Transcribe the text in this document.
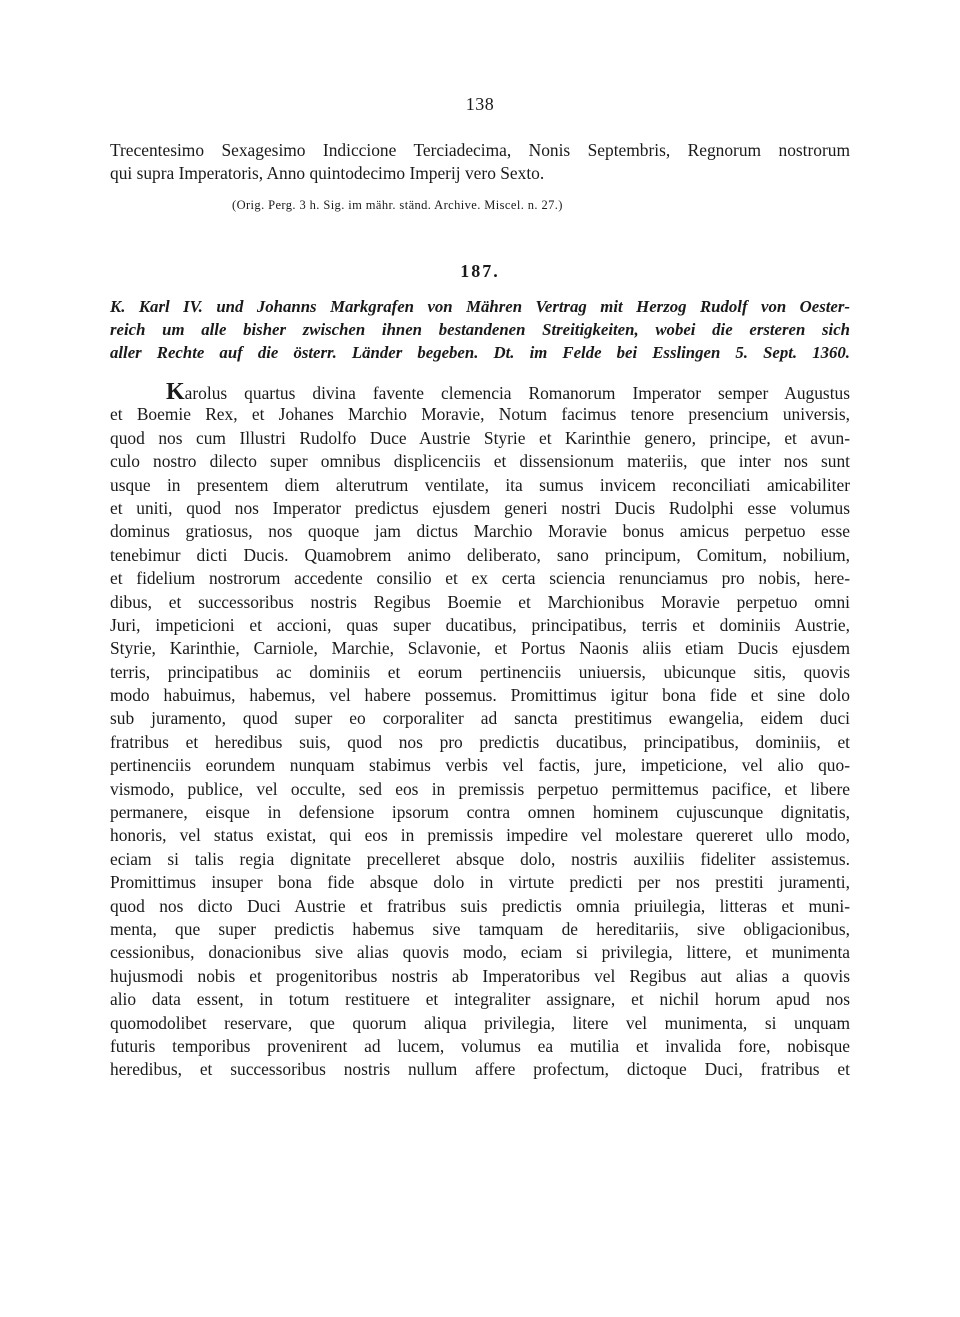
138
Trecentesimo Sexagesimo Indiccione Terciadecima, Nonis Septembris, Regnorum nostrorum
qui supra Imperatoris, Anno quintodecimo Imperij vero Sexto.
(Orig. Perg. 3 h. Sig. im mähr. ständ. Archive. Miscel. n. 27.)
187.
K. Karl IV. und Johanns Markgrafen von Mähren Vertrag mit Herzog Rudolf von Oester-
reich um alle bisher zwischen ihnen bestandenen Streitigkeiten, wobei die ersteren sich
aller Rechte auf die österr. Länder begeben. Dt. im Felde bei Esslingen 5. Sept. 1360.
Karolus quartus divina favente clemencia Romanorum Imperator semper Augustus
et Boemie Rex, et Johanes Marchio Moravie, Notum facimus tenore presencium universis,
quod nos cum Illustri Rudolfo Duce Austrie Styrie et Karinthie genero, principe, et avun-
culo nostro dilecto super omnibus displicenciis et dissensionum materiis, que inter nos sunt
usque in presentem diem alterutrum ventilate, ita sumus invicem reconciliati amicabiliter
et uniti, quod nos Imperator predictus ejusdem generi nostri Ducis Rudolphi esse volumus
dominus gratiosus, nos quoque jam dictus Marchio Moravie bonus amicus perpetuo esse
tenebimur dicti Ducis. Quamobrem animo deliberato, sano principum, Comitum, nobilium,
et fidelium nostrorum accedente consilio et ex certa sciencia renunciamus pro nobis, here-
dibus, et successoribus nostris Regibus Boemie et Marchionibus Moravie perpetuo omni
Juri, impeticioni et accioni, quas super ducatibus, principatibus, terris et dominiis Austrie,
Styrie, Karinthie, Carniole, Marchie, Sclavonie, et Portus Naonis aliis etiam Ducis ejusdem
terris, principatibus ac dominiis et eorum pertinenciis uniuersis, ubicunque sitis, quovis
modo habuimus, habemus, vel habere possemus. Promittimus igitur bona fide et sine dolo
sub juramento, quod super eo corporaliter ad sancta prestitimus ewangelia, eidem duci
fratribus et heredibus suis, quod nos pro predictis ducatibus, principatibus, dominiis, et
pertinenciis eorundem nunquam stabimus verbis vel factis, jure, impeticione, vel alio quo-
vismodo, publice, vel occulte, sed eos in premissis perpetuo permittemus pacifice, et libere
permanere, eisque in defensione ipsorum contra omnen hominem cujuscunque dignitatis,
honoris, vel status existat, qui eos in premissis impedire vel molestare quereret ullo modo,
eciam si talis regia dignitate precelleret absque dolo, nostris auxiliis fideliter assistemus.
Promittimus insuper bona fide absque dolo in virtute predicti per nos prestiti juramenti,
quod nos dicto Duci Austrie et fratribus suis predictis omnia priuilegia, litteras et muni-
menta, que super predictis habemus sive tamquam de hereditariis, sive obligacionibus,
cessionibus, donacionibus sive alias quovis modo, eciam si privilegia, littere, et munimenta
hujusmodi nobis et progenitoribus nostris ab Imperatoribus vel Regibus aut alias a quovis
alio data essent, in totum restituere et integraliter assignare, et nichil horum apud nos
quomodolibet reservare, que quorum aliqua privilegia, litere vel munimenta, si unquam
futuris temporibus provenirent ad lucem, volumus ea mutilia et invalida fore, nobisque
heredibus, et successoribus nostris nullum affere profectum, dictoque Duci, fratribus et
